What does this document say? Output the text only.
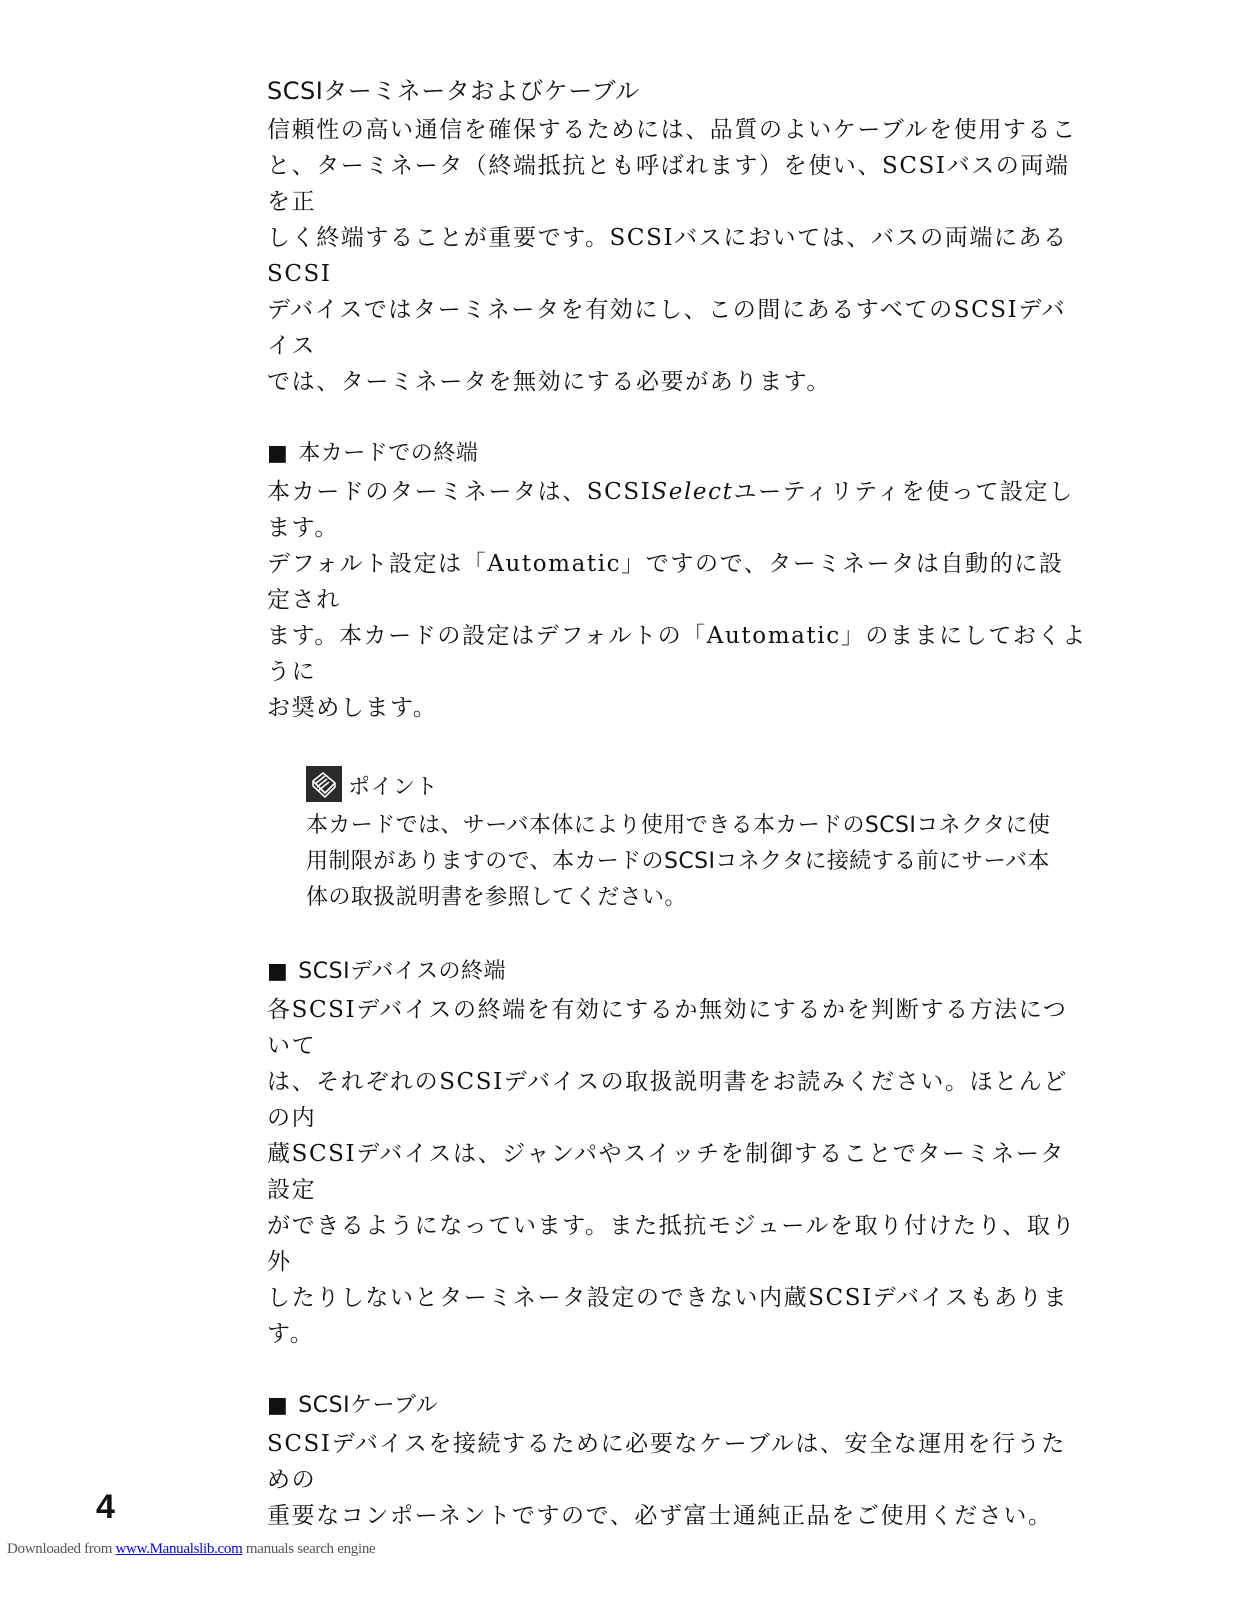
SCSIターミネータおよびケーブル
信頼性の高い通信を確保するためには、品質のよいケーブルを使用するこ
と、ターミネータ（終端抵抗とも呼ばれます）を使い、SCSIバスの両端を正
しく終端することが重要です。SCSIバスにおいては、バスの両端にあるSCSI
デバイスではターミネータを有効にし、この間にあるすべてのSCSIデバイス
では、ターミネータを無効にする必要があります。
■ 本カードでの終端
本カードのターミネータは、SCSISelectユーティリティを使って設定します。
デフォルト設定は「Automatic」ですので、ターミネータは自動的に設定され
ます。本カードの設定はデフォルトの「Automatic」のままにしておくように
お奨めします。
ポイント
本カードでは、サーバ本体により使用できる本カードのSCSIコネクタに使
用制限がありますので、本カードのSCSIコネクタに接続する前にサーバ本
体の取扱説明書を参照してください。
■ SCSIデバイスの終端
各SCSIデバイスの終端を有効にするか無効にするかを判断する方法について
は、それぞれのSCSIデバイスの取扱説明書をお読みください。ほとんどの内
蔵SCSIデバイスは、ジャンパやスイッチを制御することでターミネータ設定
ができるようになっています。また抵抗モジュールを取り付けたり、取り外
したりしないとターミネータ設定のできない内蔵SCSIデバイスもあります。
■ SCSIケーブル
SCSIデバイスを接続するために必要なケーブルは、安全な運用を行うための
重要なコンポーネントですので、必ず富士通純正品をご使用ください。
4
Downloaded from www.Manualslib.com manuals search engine
